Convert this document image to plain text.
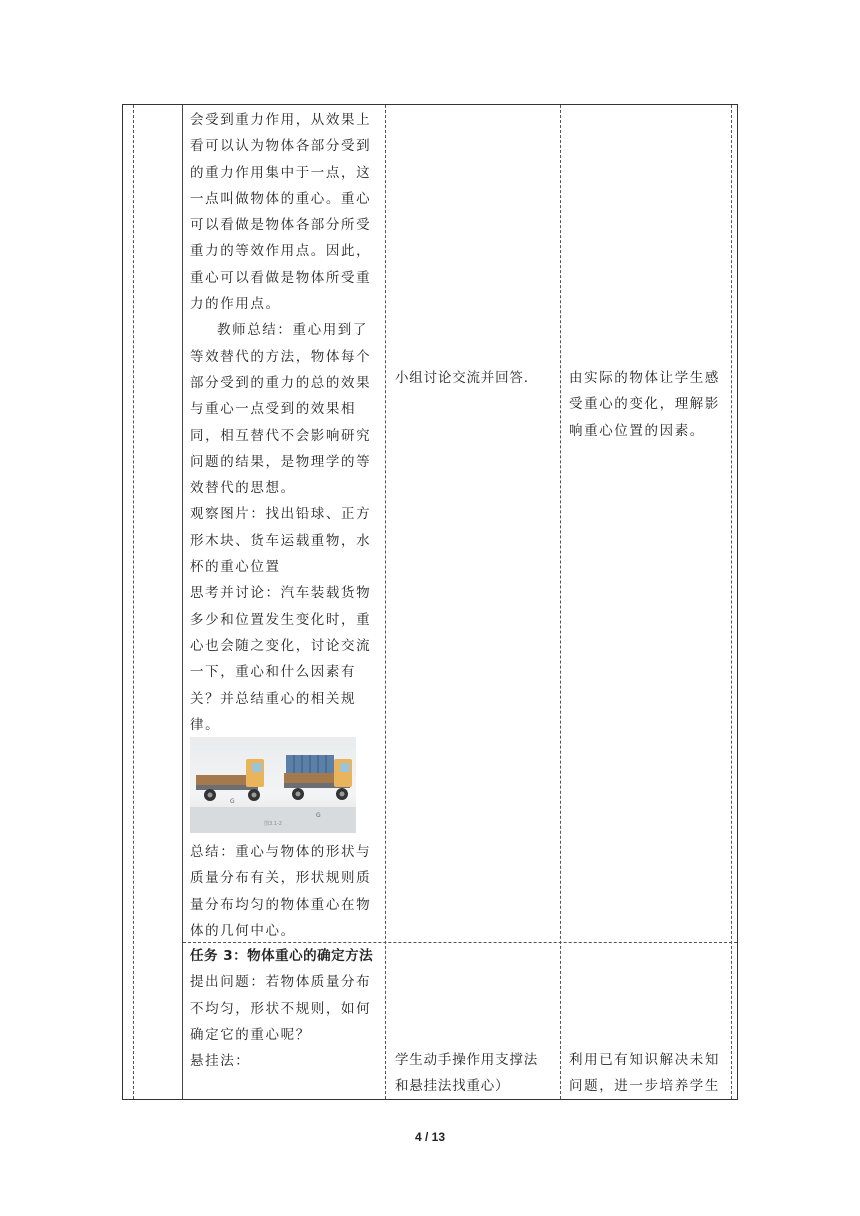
会受到重力作用，从效果上

看可以认为物体各部分受到

的重力作用集中于一点，这

一点叫做物体的重心。重心

可以看做是物体各部分所受

重力的等效作用点。因此，

重心可以看做是物体所受重

力的作用点。

教师总结：重心用到了

等效替代的方法，物体每个

部分受到的重力的总的效果

与重心一点受到的效果相

同，相互替代不会影响研究

问题的结果，是物理学的等

效替代的思想。

观察图片：找出铅球、正方

形木块、货车运载重物，水

杯的重心位置

思考并讨论：汽车装载货物

多少和位置发生变化时，重

心也会随之变化，讨论交流

一下，重心和什么因素有

关？并总结重心的相关规

律。

G
G
图3.1-2

总结：重心与物体的形状与

质量分布有关，形状规则质

量分布均匀的物体重心在物

体的几何中心。

任务 3：物体重心的确定方法

提出问题：若物体质量分布

不均匀，形状不规则，如何

确定它的重心呢？

悬挂法：

小组讨论交流并回答.

学生动手操作用支撑法

和悬挂法找重心）

由实际的物体让学生感

受重心的变化，理解影

响重心位置的因素。

利用已有知识解决未知

问题，进一步培养学生

4 / 13
